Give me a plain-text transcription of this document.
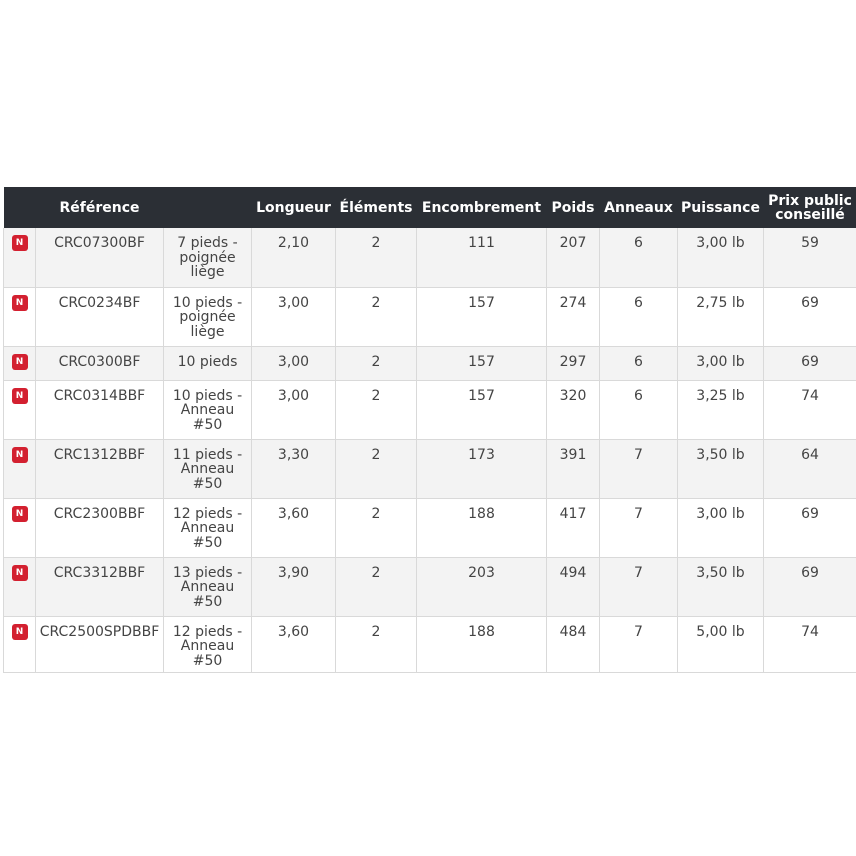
	Référence		Longueur	Éléments	Encombrement	Poids	Anneaux	Puissance	Prix public conseillé

N	CRC07300BF	7 pieds - poignée liège	2,10	2	111	207	6	3,00 lb	59

N	CRC0234BF	10 pieds - poignée liège	3,00	2	157	274	6	2,75 lb	69

N	CRC0300BF	10 pieds	3,00	2	157	297	6	3,00 lb	69

N	CRC0314BBF	10 pieds - Anneau #50	3,00	2	157	320	6	3,25 lb	74

N	CRC1312BBF	11 pieds - Anneau #50	3,30	2	173	391	7	3,50 lb	64

N	CRC2300BBF	12 pieds - Anneau #50	3,60	2	188	417	7	3,00 lb	69

N	CRC3312BBF	13 pieds - Anneau #50	3,90	2	203	494	7	3,50 lb	69

N	CRC2500SPDBBF	12 pieds - Anneau #50	3,60	2	188	484	7	5,00 lb	74
